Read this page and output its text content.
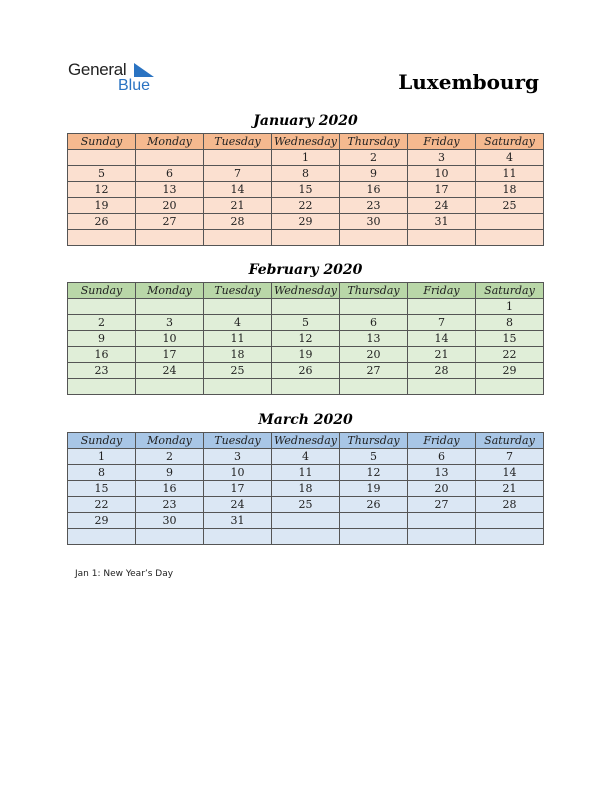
General
Blue	Luxembourg
January 2020
Sunday	Monday	Tuesday	Wednesday	Thursday	Friday	Saturday
			1	2	3	4
5	6	7	8	9	10	11
12	13	14	15	16	17	18
19	20	21	22	23	24	25
26	27	28	29	30	31	

February 2020
Sunday	Monday	Tuesday	Wednesday	Thursday	Friday	Saturday
						1
2	3	4	5	6	7	8
9	10	11	12	13	14	15
16	17	18	19	20	21	22
23	24	25	26	27	28	29

March 2020
Sunday	Monday	Tuesday	Wednesday	Thursday	Friday	Saturday
1	2	3	4	5	6	7
8	9	10	11	12	13	14
15	16	17	18	19	20	21
22	23	24	25	26	27	28
29	30	31				

Jan 1: New Year’s Day
